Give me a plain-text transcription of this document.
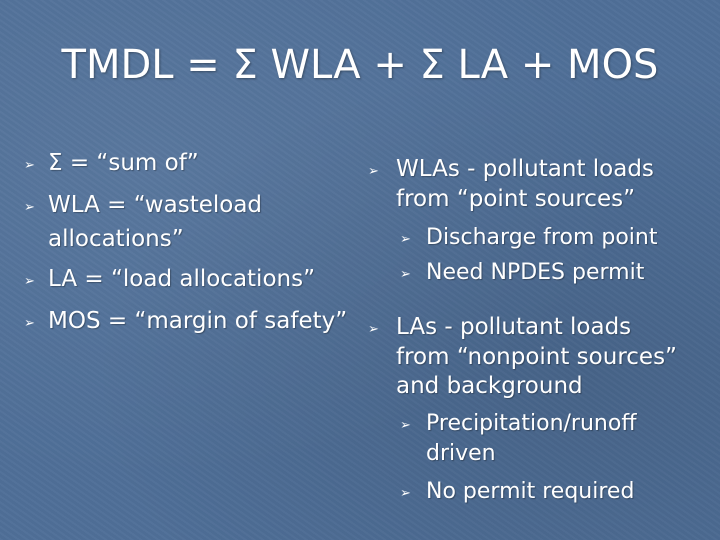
TMDL = Σ WLA + Σ LA + MOS
➢ Σ = “sum of”
➢ WLA = “wasteload
allocations”
➢ LA = “load allocations”
➢ MOS = “margin of safety”
➢ WLAs - pollutant loads
from “point sources”
➢ Discharge from point
➢ Need NPDES permit
➢ LAs - pollutant loads
from “nonpoint sources”
and background
➢ Precipitation/runoff
driven
➢ No permit required
